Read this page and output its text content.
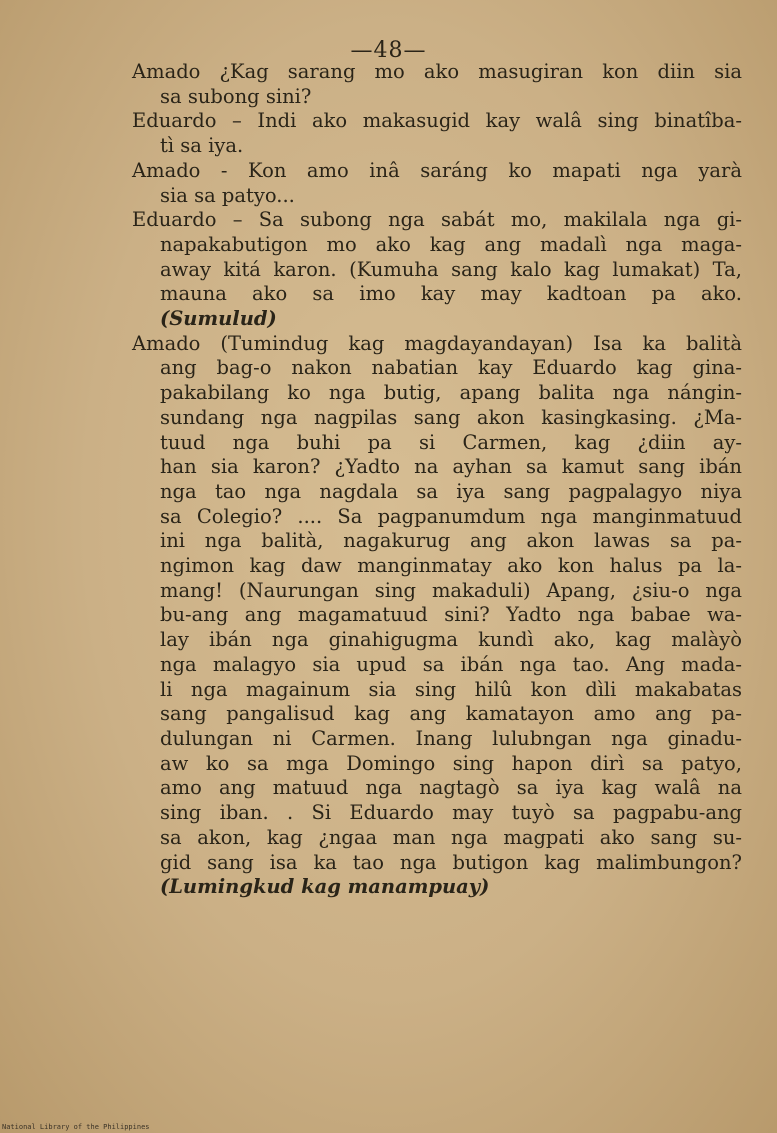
—48—
Amado ¿Kag sarang mo ako masugiran kon diin sia
sa subong sini?
Eduardo – Indi ako makasugid kay walâ sing binatîba-
tì sa iya.
Amado - Kon amo inâ saráng ko mapati nga yarà
sia sa patyo...
Eduardo – Sa subong nga sabát mo, makilala nga gi-
napakabutigon mo ako kag ang madalì nga maga-
away kitá karon. (Kumuha sang kalo kag lumakat) Ta,
mauna ako sa imo kay may kadtoan pa ako.
(Sumulud)
Amado (Tumindug kag magdayandayan) Isa ka balità
ang bag-o nakon nabatian kay Eduardo kag gina-
pakabilang ko nga butig, apang balita nga nángin-
sundang nga nagpilas sang akon kasingkasing. ¿Ma-
tuud nga buhi pa si Carmen, kag ¿diin ay-
han sia karon? ¿Yadto na ayhan sa kamut sang ibán
nga tao nga nagdala sa iya sang pagpalagyo niya
sa Colegio? .... Sa pagpanumdum nga manginmatuud
ini nga balità, nagakurug ang akon lawas sa pa-
ngimon kag daw manginmatay ako kon halus pa la-
mang! (Naurungan sing makaduli) Apang, ¿siu-o nga
bu-ang ang magamatuud sini? Yadto nga babae wa-
lay ibán nga ginahigugma kundì ako, kag malàyò
nga malagyo sia upud sa ibán nga tao. Ang mada-
li nga magainum sia sing hilû kon dìli makabatas
sang pangalisud kag ang kamatayon amo ang pa-
dulungan ni Carmen. Inang lulubngan nga ginadu-
aw ko sa mga Domingo sing hapon dirì sa patyo,
amo ang matuud nga nagtagò sa iya kag walâ na
sing iban. . Si Eduardo may tuyò sa pagpabu-ang
sa akon, kag ¿ngaa man nga magpati ako sang su-
gid sang isa ka tao nga butigon kag malimbungon?
(Lumingkud kag manampuay)
National Library of the Philippines
